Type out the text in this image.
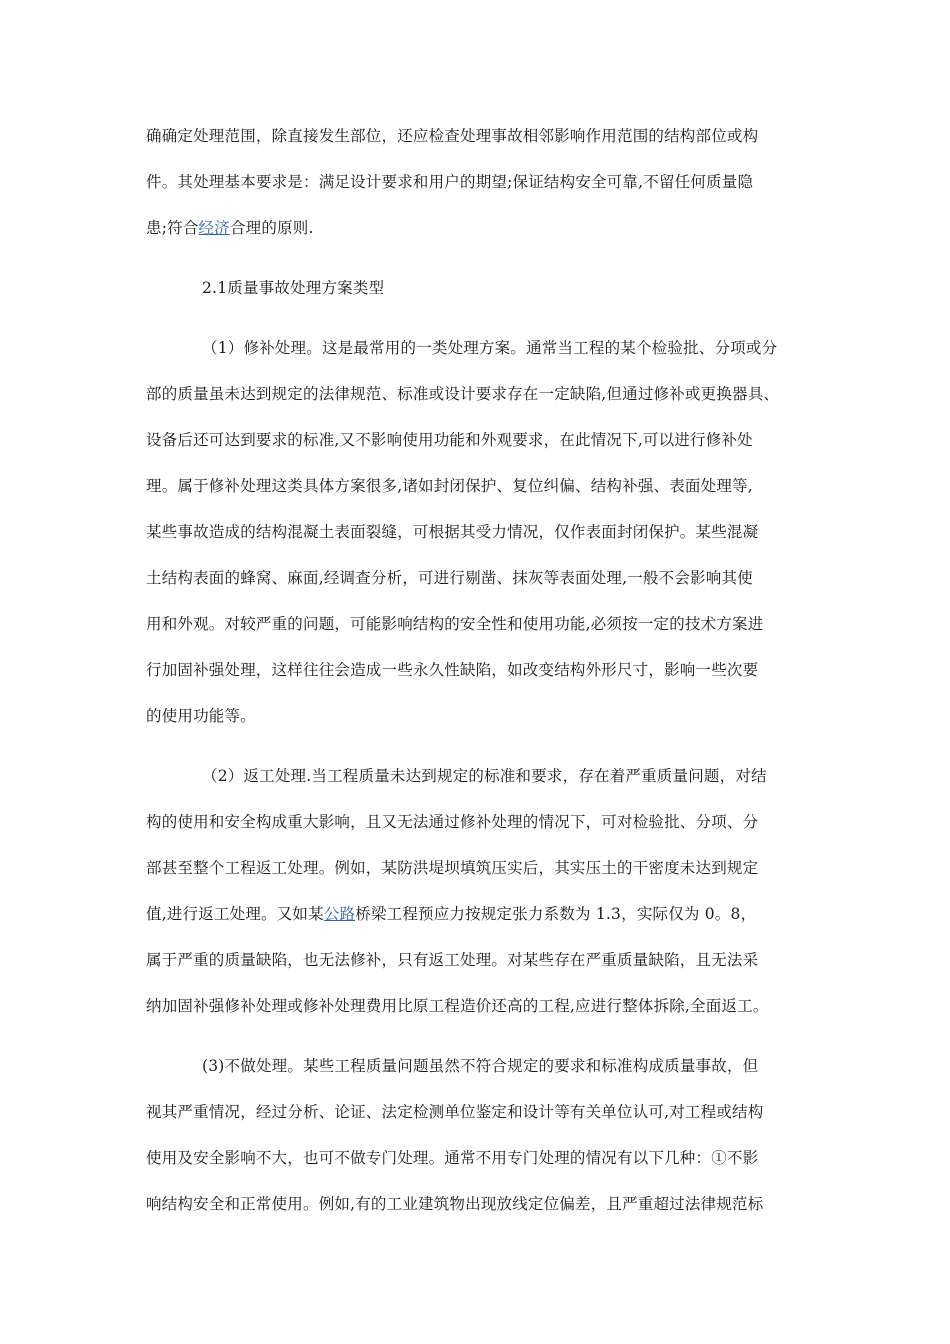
确确定处理范围，除直接发生部位，还应检查处理事故相邻影响作用范围的结构部位或构
件。其处理基本要求是：满足设计要求和用户的期望;保证结构安全可靠,不留任何质量隐
患;符合经济合理的原则.
2.1质量事故处理方案类型
（1）修补处理。这是最常用的一类处理方案。通常当工程的某个检验批、分项或分
部的质量虽未达到规定的法律规范、标准或设计要求存在一定缺陷,但通过修补或更换器具、
设备后还可达到要求的标准,又不影响使用功能和外观要求，在此情况下,可以进行修补处
理。属于修补处理这类具体方案很多,诸如封闭保护、复位纠偏、结构补强、表面处理等,
某些事故造成的结构混凝土表面裂缝，可根据其受力情况，仅作表面封闭保护。某些混凝
土结构表面的蜂窝、麻面,经调查分析，可进行剔凿、抹灰等表面处理,一般不会影响其使
用和外观。对较严重的问题，可能影响结构的安全性和使用功能,必须按一定的技术方案进
行加固补强处理，这样往往会造成一些永久性缺陷，如改变结构外形尺寸，影响一些次要
的使用功能等。
（2）返工处理.当工程质量未达到规定的标准和要求，存在着严重质量问题，对结
构的使用和安全构成重大影响，且又无法通过修补处理的情况下，可对检验批、分项、分
部甚至整个工程返工处理。例如，某防洪堤坝填筑压实后，其实压土的干密度未达到规定
值,进行返工处理。又如某公路桥梁工程预应力按规定张力系数为 1.3，实际仅为 0。8，
属于严重的质量缺陷，也无法修补，只有返工处理。对某些存在严重质量缺陷，且无法采
纳加固补强修补处理或修补处理费用比原工程造价还高的工程,应进行整体拆除,全面返工。
(3)不做处理。某些工程质量问题虽然不符合规定的要求和标准构成质量事故，但
视其严重情况，经过分析、论证、法定检测单位鉴定和设计等有关单位认可,对工程或结构
使用及安全影响不大，也可不做专门处理。通常不用专门处理的情况有以下几种：①不影
响结构安全和正常使用。例如,有的工业建筑物出现放线定位偏差，且严重超过法律规范标
